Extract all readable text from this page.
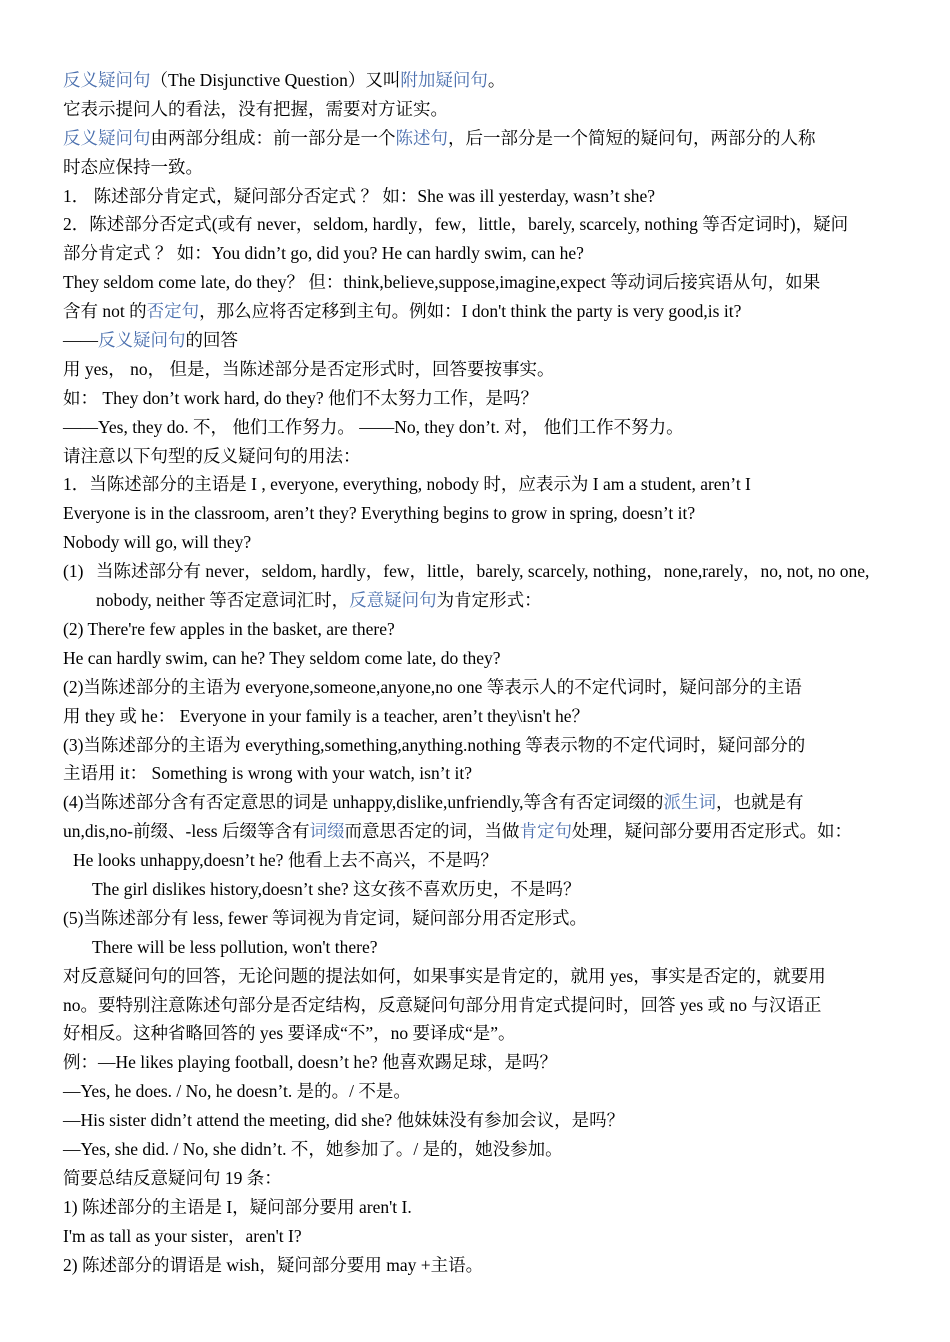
反义疑问句（The Disjunctive Question）又叫附加疑问句。
它表示提问人的看法，没有把握，需要对方证实。
反义疑问句由两部分组成：前一部分是一个陈述句，后一部分是一个简短的疑问句，两部分的人称
时态应保持一致。
1． 陈述部分肯定式，疑问部分否定式 ？ 如：She was ill yesterday, wasn’t she?
2．陈述部分否定式(或有 never，seldom, hardly，few，little，barely, scarcely, nothing 等否定词时)，疑问
部分肯定式 ？ 如：You didn’t go, did you? He can hardly swim, can he?
They seldom come late, do they？ 但：think,believe,suppose,imagine,expect 等动词后接宾语从句，如果
含有 not 的否定句，那么应将否定移到主句。例如：I don't think the party is very good,is it?
——反义疑问句的回答
用 yes， no， 但是，当陈述部分是否定形式时，回答要按事实。
如： They don’t work hard, do they? 他们不太努力工作，是吗？
——Yes, they do. 不， 他们工作努力。 ——No, they don’t. 对， 他们工作不努力。
请注意以下句型的反义疑问句的用法：
1．当陈述部分的主语是 I , everyone, everything, nobody 时，应表示为 I am a student, aren’t I
Everyone is in the classroom, aren’t they? Everything begins to grow in spring, doesn’t it?
Nobody will go, will they?
(1) 当陈述部分有 never，seldom, hardly，few，little，barely, scarcely, nothing，none,rarely，no, not, no one, nobody, neither 等否定意词汇时，反意疑问句为肯定形式：
(2) There're few apples in the basket, are there?
He can hardly swim, can he? They seldom come late, do they?
(2)当陈述部分的主语为 everyone,someone,anyone,no one 等表示人的不定代词时，疑问部分的主语
用 they 或 he： Everyone in your family is a teacher, aren’t they\isn't he？
(3)当陈述部分的主语为 everything,something,anything.nothing 等表示物的不定代词时，疑问部分的
主语用 it： Something is wrong with your watch, isn’t it?
(4)当陈述部分含有否定意思的词是 unhappy,dislike,unfriendly,等含有否定词缀的派生词，也就是有
un,dis,no-前缀、-less 后缀等含有词缀而意思否定的词，当做肯定句处理，疑问部分要用否定形式。如：
He looks unhappy,doesn’t he? 他看上去不高兴，不是吗？
The girl dislikes history,doesn’t she? 这女孩不喜欢历史，不是吗？
(5)当陈述部分有 less, fewer 等词视为肯定词，疑问部分用否定形式。
There will be less pollution, won't there?
对反意疑问句的回答，无论问题的提法如何，如果事实是肯定的，就用 yes，事实是否定的，就要用
no。要特别注意陈述句部分是否定结构，反意疑问句部分用肯定式提问时，回答 yes 或 no 与汉语正
好相反。这种省略回答的 yes 要译成“不”，no 要译成“是”。
例：—He likes playing football, doesn’t he? 他喜欢踢足球，是吗？
—Yes, he does. / No, he doesn’t. 是的。/ 不是。
—His sister didn’t attend the meeting, did she? 他妹妹没有参加会议，是吗？
—Yes, she did. / No, she didn’t. 不，她参加了。/ 是的，她没参加。
简要总结反意疑问句 19 条：
1) 陈述部分的主语是 I，疑问部分要用 aren't I.
I'm as tall as your sister，aren't I?
2) 陈述部分的谓语是 wish，疑问部分要用 may +主语。
